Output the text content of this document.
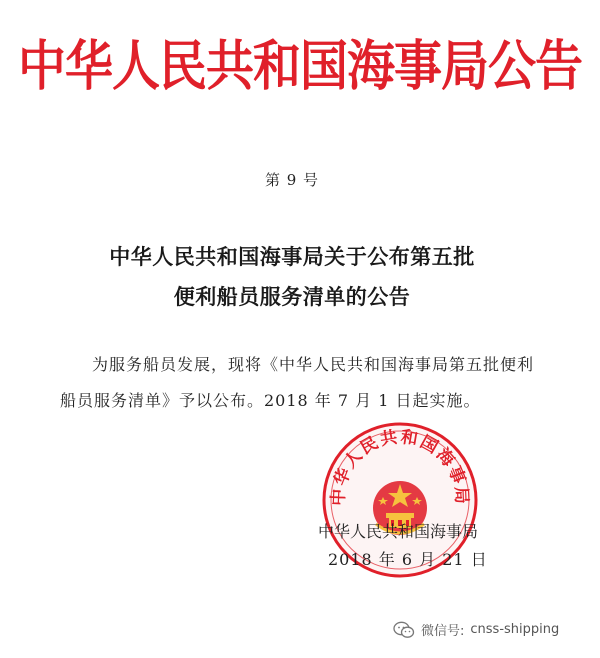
中华人民共和国海事局公告
第 9 号
中华人民共和国海事局关于公布第五批
便利船员服务清单的公告
为服务船员发展，现将《中华人民共和国海事局第五批便利
船员服务清单》予以公布。2018 年 7 月 1 日起实施。
中华人民共和国海事局
中华人民共和国海事局
2018 年 6 月 21 日
微信号: cnss-shipping
